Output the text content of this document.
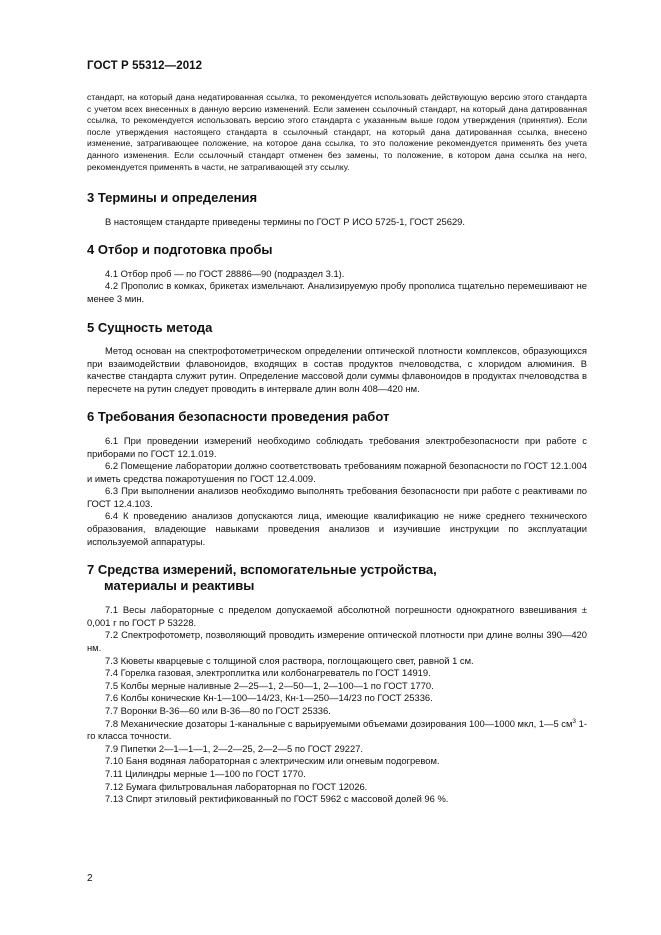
ГОСТ Р 55312—2012

стандарт, на который дана недатированная ссылка, то рекомендуется использовать действующую версию этого стандарта с учетом всех внесенных в данную версию изменений. Если заменен ссылочный стандарт, на который дана датированная ссылка, то рекомендуется использовать версию этого стандарта с указанным выше годом утверждения (принятия). Если после утверждения настоящего стандарта в ссылочный стандарт, на который дана датированная ссылка, внесено изменение, затрагивающее положение, на которое дана ссылка, то это положение рекомендуется применять без учета данного изменения. Если ссылочный стандарт отменен без замены, то положение, в котором дана ссылка на него, рекомендуется применять в части, не затрагивающей эту ссылку.

3 Термины и определения

В настоящем стандарте приведены термины по ГОСТ Р ИСО 5725-1, ГОСТ 25629.

4 Отбор и подготовка пробы

4.1 Отбор проб — по ГОСТ 28886—90 (подраздел 3.1).

4.2 Прополис в комках, брикетах измельчают. Анализируемую пробу прополиса тщательно перемешивают не менее 3 мин.

5 Сущность метода

Метод основан на спектрофотометрическом определении оптической плотности комплексов, образующихся при взаимодействии флавоноидов, входящих в состав продуктов пчеловодства, с хлоридом алюминия. В качестве стандарта служит рутин. Определение массовой доли суммы флавоноидов в продуктах пчеловодства в пересчете на рутин следует проводить в интервале длин волн 408—420 нм.

6 Требования безопасности проведения работ

6.1 При проведении измерений необходимо соблюдать требования электробезопасности при работе с приборами по ГОСТ 12.1.019.

6.2 Помещение лаборатории должно соответствовать требованиям пожарной безопасности по ГОСТ 12.1.004 и иметь средства пожаротушения по ГОСТ 12.4.009.

6.3 При выполнении анализов необходимо выполнять требования безопасности при работе с реактивами по ГОСТ 12.4.103.

6.4 К проведению анализов допускаются лица, имеющие квалификацию не ниже среднего технического образования, владеющие навыками проведения анализов и изучившие инструкции по эксплуатации используемой аппаратуры.

7 Средства измерений, вспомогательные устройства,
материалы и реактивы

7.1 Весы лабораторные с пределом допускаемой абсолютной погрешности однократного взвешивания ± 0,001 г по ГОСТ Р 53228.

7.2 Спектрофотометр, позволяющий проводить измерение оптической плотности при длине волны 390—420 нм.

7.3 Кюветы кварцевые с толщиной слоя раствора, поглощающего свет, равной 1 см.

7.4 Горелка газовая, электроплитка или колбонагреватель по ГОСТ 14919.

7.5 Колбы мерные наливные 2—25—1, 2—50—1, 2—100—1 по ГОСТ 1770.

7.6 Колбы конические Кн-1—100—14/23, Кн-1—250—14/23 по ГОСТ 25336.

7.7 Воронки В-36—60 или В-36—80 по ГОСТ 25336.

7.8 Механические дозаторы 1-канальные с варьируемыми объемами дозирования 100—1000 мкл, 1—5 $см^3$ 1-го класса точности.

7.9 Пипетки 2—1—1—1, 2—2—25, 2—2—5 по ГОСТ 29227.

7.10 Баня водяная лабораторная с электрическим или огневым подогревом.

7.11 Цилиндры мерные 1—100 по ГОСТ 1770.

7.12 Бумага фильтровальная лабораторная по ГОСТ 12026.

7.13 Спирт этиловый ректификованный по ГОСТ 5962 с массовой долей 96 %.

2
